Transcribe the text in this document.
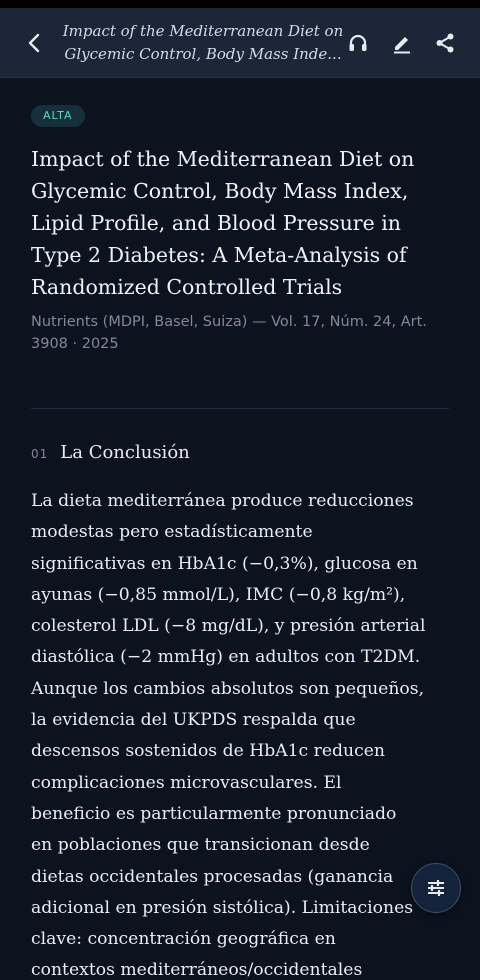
Impact of the Mediterranean Diet on
Glycemic Control, Body Mass Inde...
ALTA
Impact of the Mediterranean Diet on Glycemic Control, Body Mass Index, Lipid Profile, and Blood Pressure in Type 2 Diabetes: A Meta-Analysis of Randomized Controlled Trials
Nutrients (MDPI, Basel, Suiza) — Vol. 17, Núm. 24, Art. 3908 · 2025
01 La Conclusión
La dieta mediterránea produce reducciones
modestas pero estadísticamente
significativas en HbA1c (−0,3%), glucosa en
ayunas (−0,85 mmol/L), IMC (−0,8 kg/m²),
colesterol LDL (−8 mg/dL), y presión arterial
diastólica (−2 mmHg) en adultos con T2DM.
Aunque los cambios absolutos son pequeños,
la evidencia del UKPDS respalda que
descensos sostenidos de HbA1c reducen
complicaciones microvasculares. El
beneficio es particularmente pronunciado
en poblaciones que transicionan desde
dietas occidentales procesadas (ganancia
adicional en presión sistólica). Limitaciones
clave: concentración geográfica en
contextos mediterráneos/occidentales
